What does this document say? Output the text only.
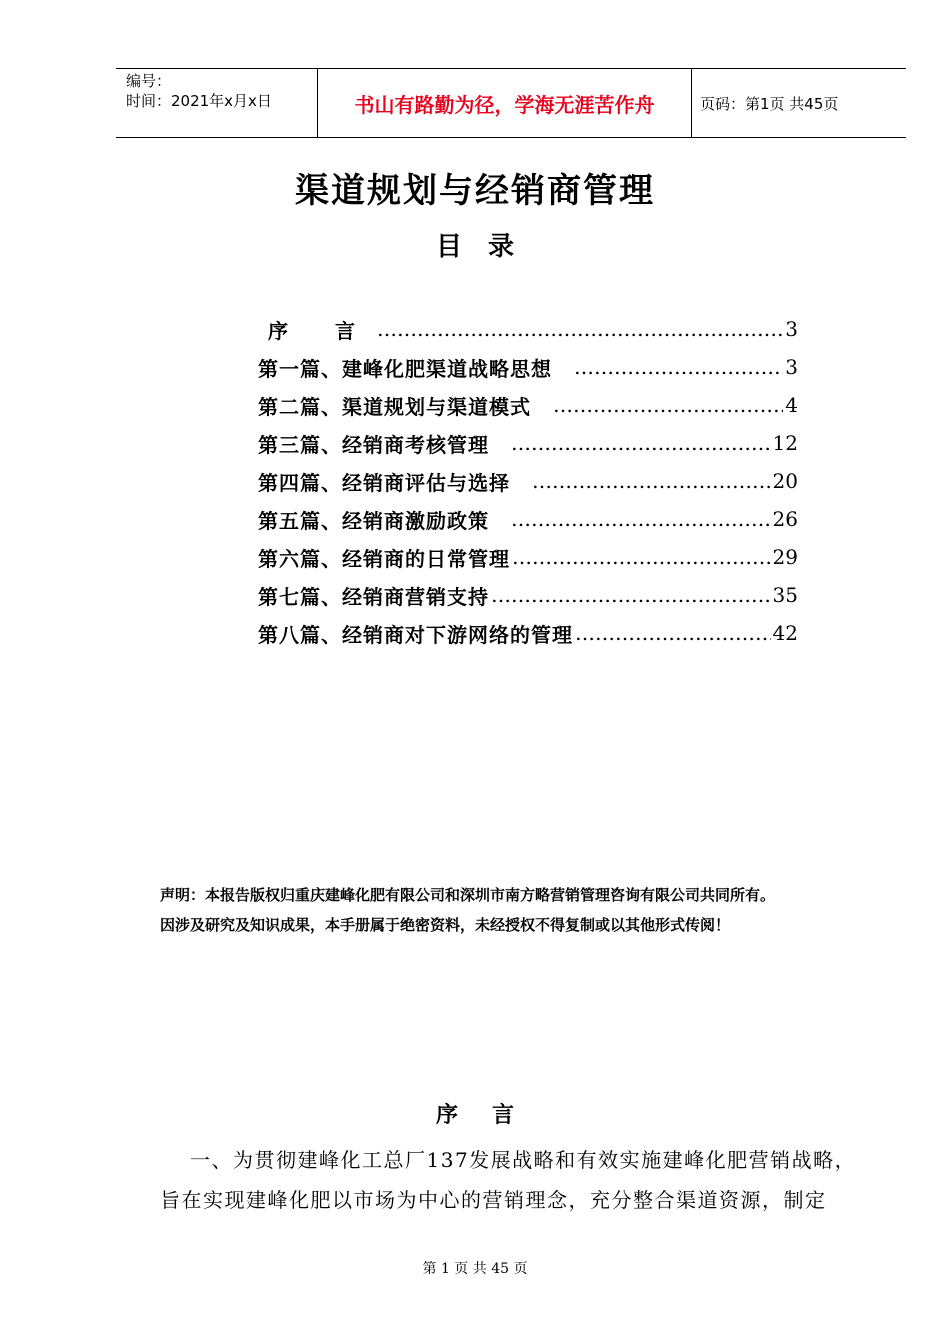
编号：
时间：2021年x月x日	书山有路勤为径，学海无涯苦作舟	页码：第1页 共45页
渠道规划与经销商管理
目录
序 言 …………………………………………………………………………………………	3
第一篇、建峰化肥渠道战略思想 …………………………………………………………………………………………	3
第二篇、渠道规划与渠道模式 …………………………………………………………………………………………	4
第三篇、经销商考核管理 …………………………………………………………………………………………	12
第四篇、经销商评估与选择 …………………………………………………………………………………………	20
第五篇、经销商激励政策 …………………………………………………………………………………………	26
第六篇、经销商的日常管理 …………………………………………………………………………………………	29
第七篇、经销商营销支持 …………………………………………………………………………………………	35
第八篇、经销商对下游网络的管理 …………………………………………………………………………………………	42
声明：本报告版权归重庆建峰化肥有限公司和深圳市南方略营销管理咨询有限公司共同所有。
因涉及研究及知识成果，本手册属于绝密资料，未经授权不得复制或以其他形式传阅！
序言
一、为贯彻建峰化工总厂137发展战略和有效实施建峰化肥营销战略，
旨在实现建峰化肥以市场为中心的营销理念，充分整合渠道资源，制定
第 1 页 共 45 页
